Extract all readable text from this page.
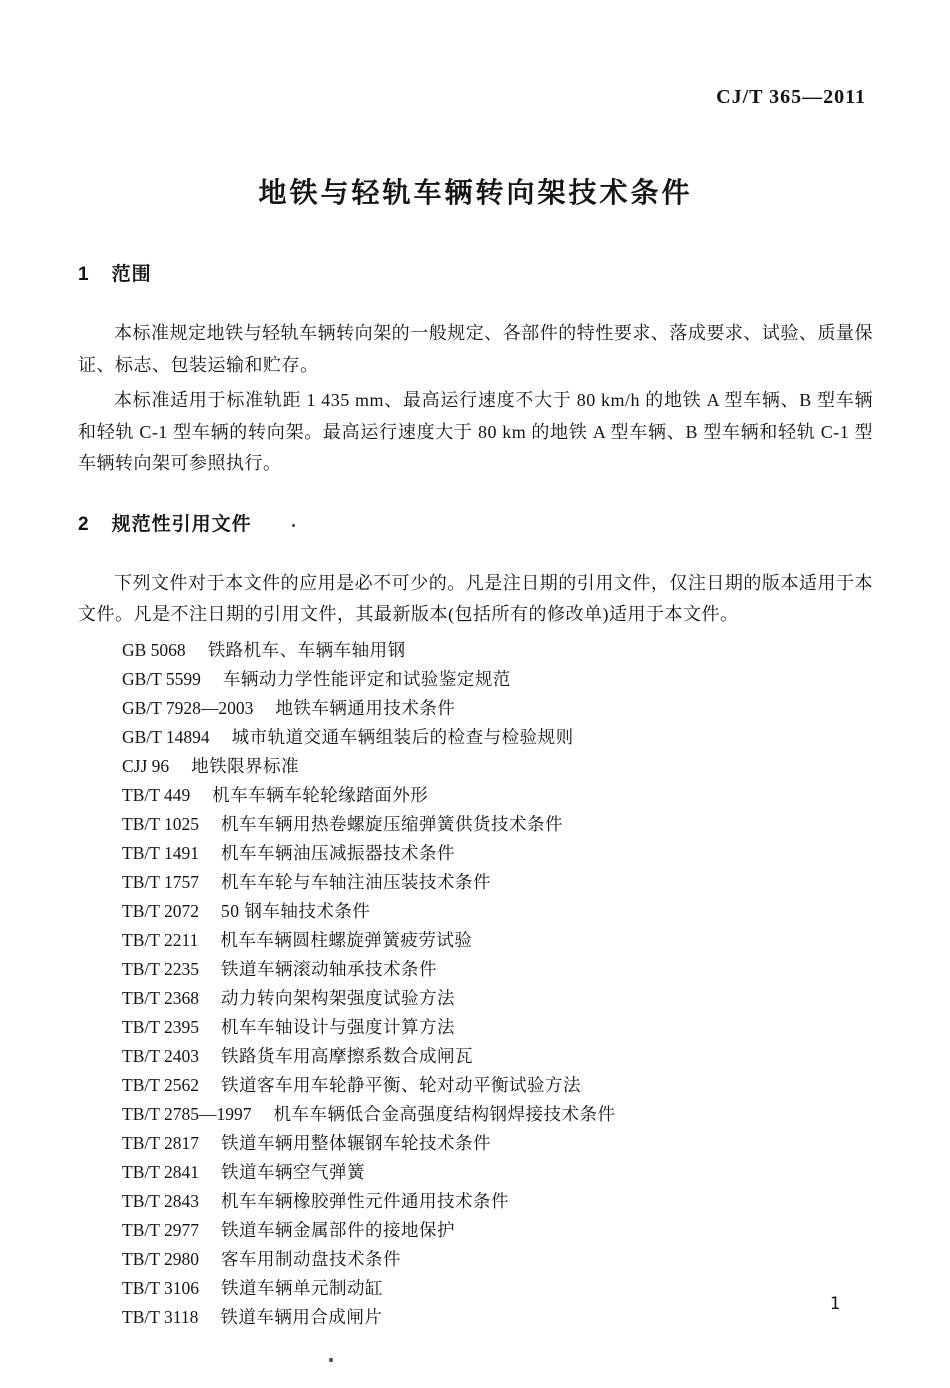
CJ/T 365—2011
地铁与轻轨车辆转向架技术条件
1 范围

本标准规定地铁与轻轨车辆转向架的一般规定、各部件的特性要求、落成要求、试验、质量保证、标志、包装运输和贮存。

本标准适用于标准轨距 1 435 mm、最高运行速度不大于 80 km/h 的地铁 A 型车辆、B 型车辆和轻轨 C-1 型车辆的转向架。最高运行速度大于 80 km 的地铁 A 型车辆、B 型车辆和轻轨 C-1 型车辆转向架可参照执行。

2 规范性引用文件

下列文件对于本文件的应用是必不可少的。凡是注日期的引用文件，仅注日期的版本适用于本文件。凡是不注日期的引用文件，其最新版本(包括所有的修改单)适用于本文件。

GB 5068 铁路机车、车辆车轴用钢
GB/T 5599 车辆动力学性能评定和试验鉴定规范
GB/T 7928—2003 地铁车辆通用技术条件
GB/T 14894 城市轨道交通车辆组装后的检查与检验规则
CJJ 96 地铁限界标准
TB/T 449 机车车辆车轮轮缘踏面外形
TB/T 1025 机车车辆用热卷螺旋压缩弹簧供货技术条件
TB/T 1491 机车车辆油压减振器技术条件
TB/T 1757 机车车轮与车轴注油压装技术条件
TB/T 2072 50 钢车轴技术条件
TB/T 2211 机车车辆圆柱螺旋弹簧疲劳试验
TB/T 2235 铁道车辆滚动轴承技术条件
TB/T 2368 动力转向架构架强度试验方法
TB/T 2395 机车车轴设计与强度计算方法
TB/T 2403 铁路货车用高摩擦系数合成闸瓦
TB/T 2562 铁道客车用车轮静平衡、轮对动平衡试验方法
TB/T 2785—1997 机车车辆低合金高强度结构钢焊接技术条件
TB/T 2817 铁道车辆用整体辗钢车轮技术条件
TB/T 2841 铁道车辆空气弹簧
TB/T 2843 机车车辆橡胶弹性元件通用技术条件
TB/T 2977 铁道车辆金属部件的接地保护
TB/T 2980 客车用制动盘技术条件
TB/T 3106 铁道车辆单元制动缸
TB/T 3118 铁道车辆用合成闸片
1
